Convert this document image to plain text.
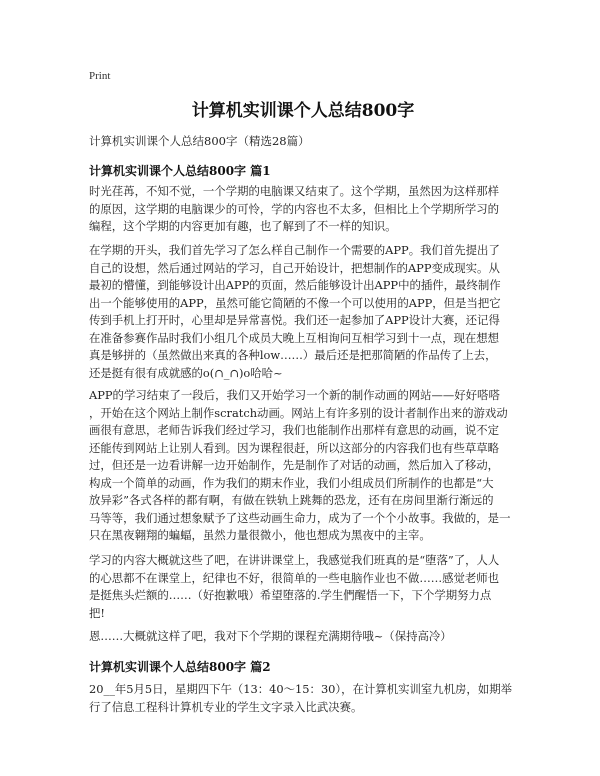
Print
计算机实训课个人总结800字
计算机实训课个人总结800字（精选28篇）
计算机实训课个人总结800字 篇1
时光荏苒，不知不觉，一个学期的电脑课又结束了。这个学期，虽然因为这样那样
的原因，这学期的电脑课少的可怜，学的内容也不太多，但相比上个学期所学习的
编程，这个学期的内容更加有趣，也了解到了不一样的知识。
在学期的开头，我们首先学习了怎么样自己制作一个需要的APP。我们首先提出了
自己的设想，然后通过网站的学习，自己开始设计，把想制作的APP变成现实。从
最初的懵懂，到能够设计出APP的页面，然后能够设计出APP中的插件，最终制作
出一个能够使用的APP，虽然可能它简陋的不像一个可以使用的APP，但是当把它
传到手机上打开时，心里却是异常喜悦。我们还一起参加了APP设计大赛，还记得
在准备参赛作品时我们小组几个成员大晚上互相询问互相学习到十一点，现在想想
真是够拼的（虽然做出来真的各种low……）最后还是把那简陋的作品传了上去，
还是挺有很有成就感的o(∩_∩)o哈哈~
APP的学习结束了一段后，我们又开始学习一个新的制作动画的网站——好好嗒嗒
，开始在这个网站上制作scratch动画。网站上有许多别的设计者制作出来的游戏动
画很有意思，老师告诉我们经过学习，我们也能制作出那样有意思的动画，说不定
还能传到网站上让别人看到。因为课程很赶，所以这部分的内容我们也有些草草略
过，但还是一边看讲解一边开始制作，先是制作了对话的动画，然后加入了移动，
构成一个简单的动画，作为我们的期末作业，我们小组成员们所制作的也都是“大
放异彩”各式各样的都有啊，有做在铁轨上跳舞的恐龙，还有在房间里渐行渐远的
马等等，我们通过想象赋予了这些动画生命力，成为了一个个小故事。我做的，是一
只在黑夜翱翔的蝙蝠，虽然力量很微小，他也想成为黑夜中的主宰。
学习的内容大概就这些了吧，在讲讲课堂上，我感觉我们班真的是“堕落”了，人人
的心思都不在课堂上，纪律也不好，很简单的一些电脑作业也不做……感觉老师也
是挺焦头烂额的……（好抱歉哦）希望堕落的.学生們醒悟一下，下个学期努力点
把!
恩……大概就这样了吧，我对下个学期的课程充满期待哦~（保持高冷）
计算机实训课个人总结800字 篇2
20__年5月5日，星期四下午（13：40～15：30），在计算机实训室九机房，如期举
行了信息工程科计算机专业的学生文字录入比武决赛。
